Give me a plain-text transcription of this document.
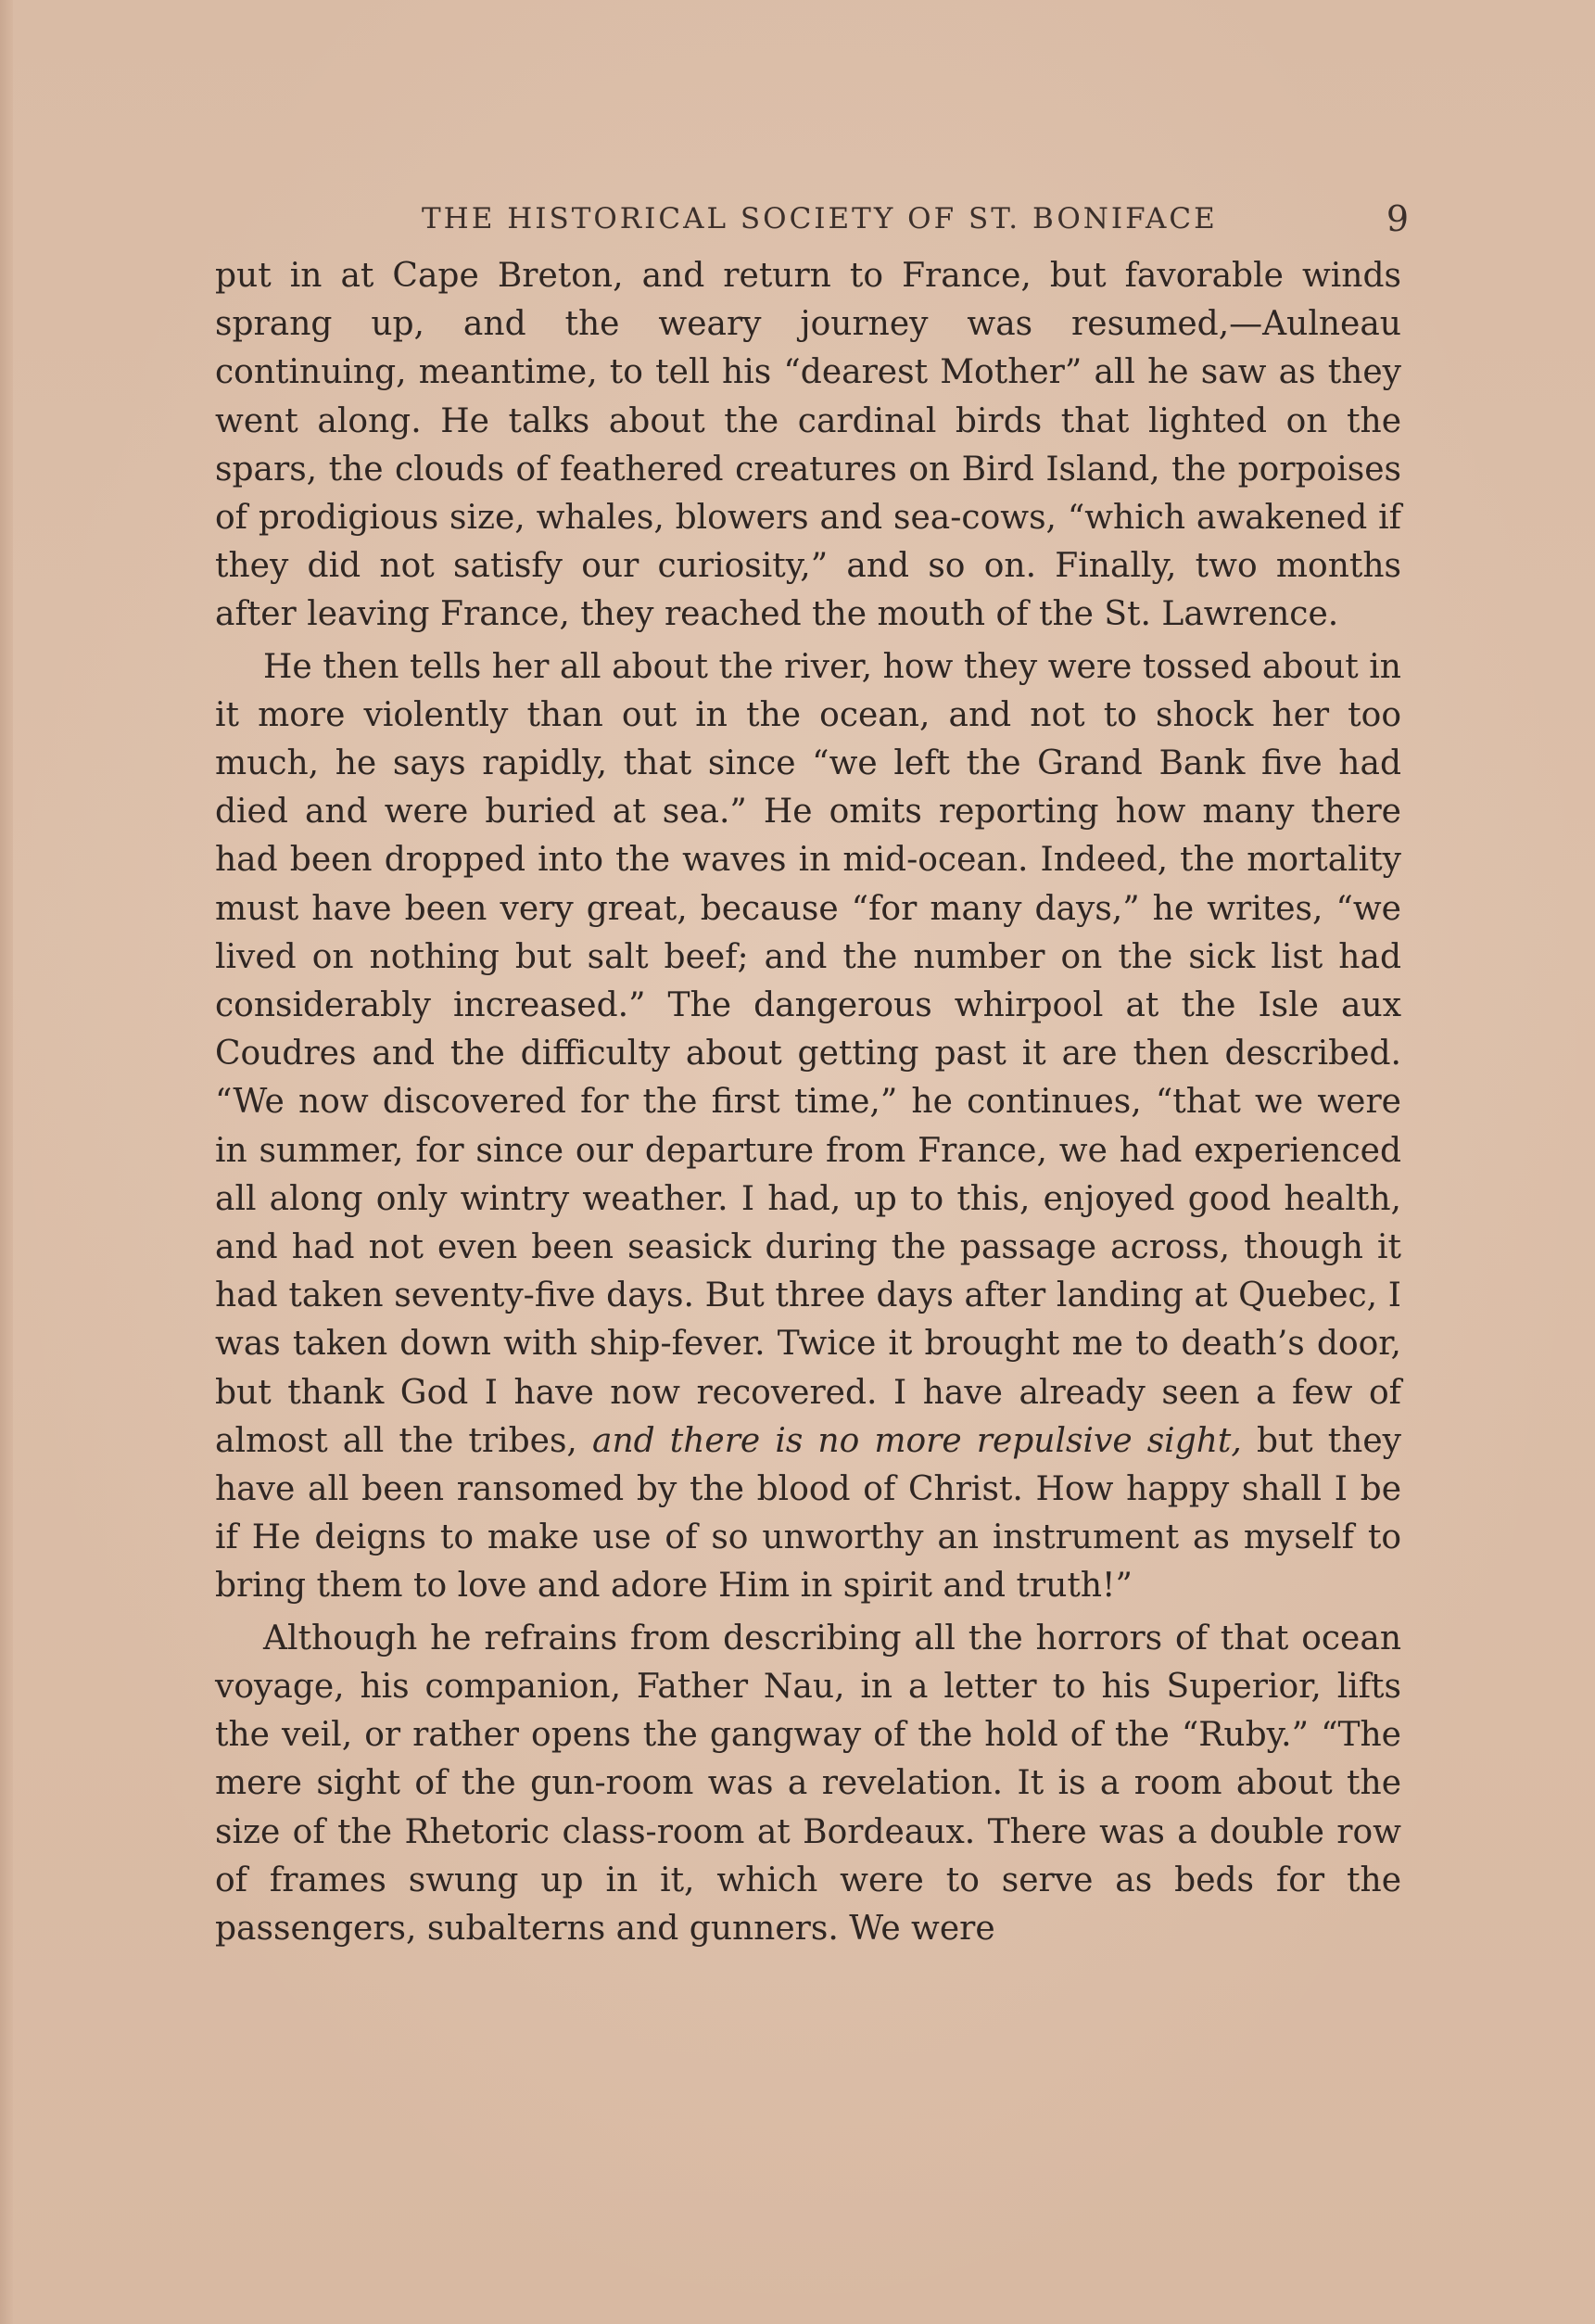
THE HISTORICAL SOCIETY OF ST. BONIFACE	9

put in at Cape Breton, and return to France, but favorable winds sprang up, and the weary journey was resumed,—Aulneau continuing, meantime, to tell his “dearest Mother” all he saw as they went along. He talks about the cardinal birds that lighted on the spars, the clouds of feathered creatures on Bird Island, the porpoises of prodigious size, whales, blowers and sea-cows, “which awakened if they did not satisfy our curiosity,” and so on. Finally, two months after leaving France, they reached the mouth of the St. Lawrence.

He then tells her all about the river, how they were tossed about in it more violently than out in the ocean, and not to shock her too much, he says rapidly, that since “we left the Grand Bank five had died and were buried at sea.” He omits reporting how many there had been dropped into the waves in mid-ocean. Indeed, the mortality must have been very great, because “for many days,” he writes, “we lived on nothing but salt beef; and the number on the sick list had considerably increased.” The dangerous whirpool at the Isle aux Coudres and the difficulty about getting past it are then described. “We now discovered for the first time,” he continues, “that we were in summer, for since our departure from France, we had experienced all along only wintry weather. I had, up to this, enjoyed good health, and had not even been seasick during the passage across, though it had taken seventy-five days. But three days after landing at Quebec, I was taken down with ship-fever. Twice it brought me to death’s door, but thank God I have now recovered. I have already seen a few of almost all the tribes, and there is no more repulsive sight, but they have all been ransomed by the blood of Christ. How happy shall I be if He deigns to make use of so unworthy an instrument as myself to bring them to love and adore Him in spirit and truth!”

Although he refrains from describing all the horrors of that ocean voyage, his companion, Father Nau, in a letter to his Superior, lifts the veil, or rather opens the gangway of the hold of the “Ruby.” “The mere sight of the gun-room was a revelation. It is a room about the size of the Rhetoric class-room at Bordeaux. There was a double row of frames swung up in it, which were to serve as beds for the passengers, subalterns and gunners. We were
